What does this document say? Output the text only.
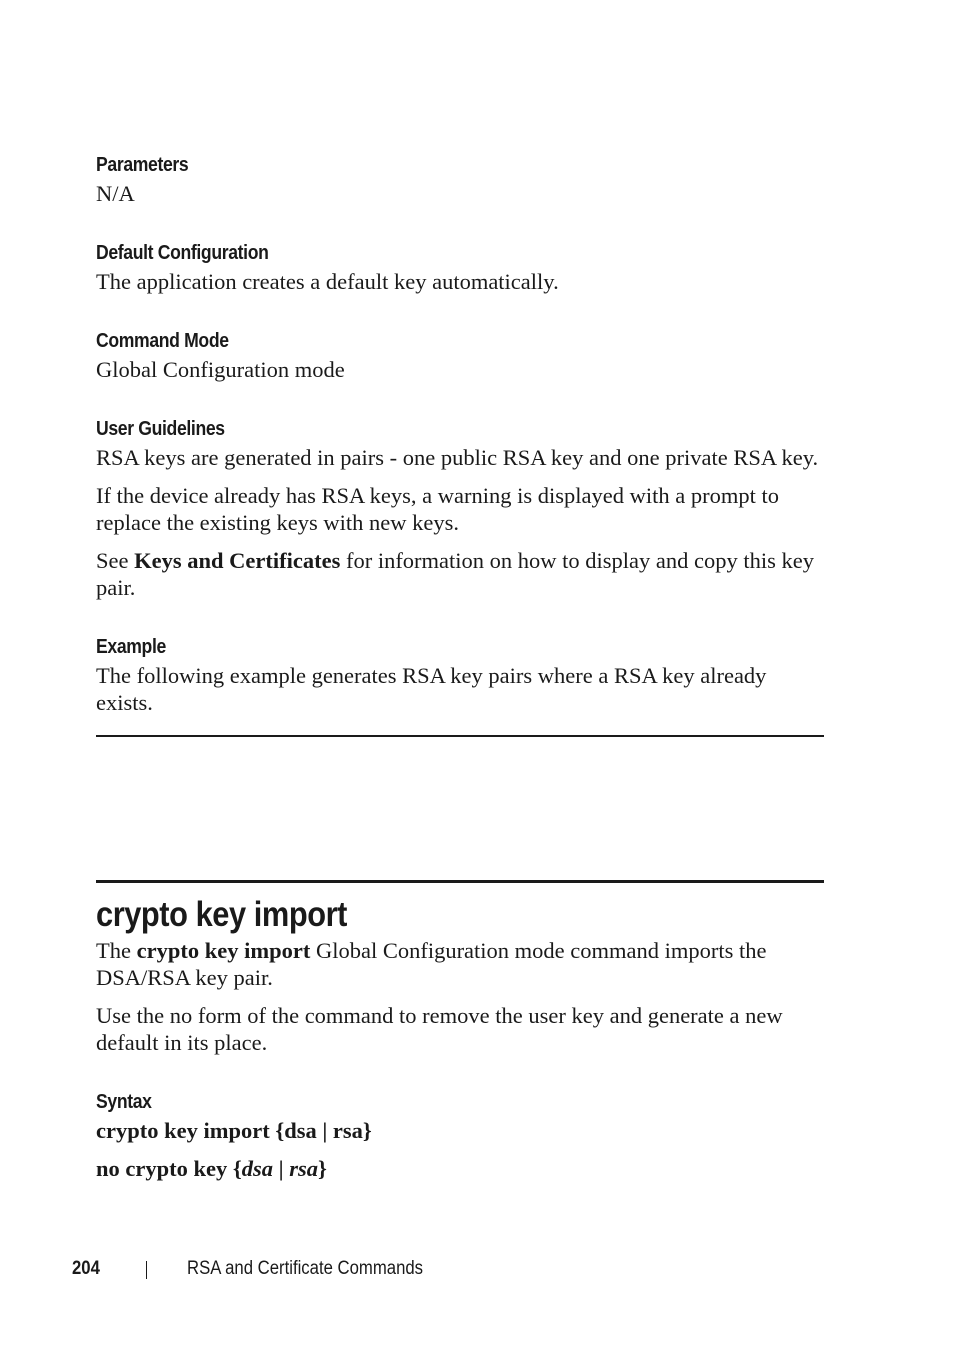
Parameters

N/A

Default Configuration

The application creates a default key automatically.

Command Mode

Global Configuration mode

User Guidelines

RSA keys are generated in pairs - one public RSA key and one private RSA key.

If the device already has RSA keys, a warning is displayed with a prompt to

replace the existing keys with new keys.

See Keys and Certificates for information on how to display and copy this key

pair.

Example

The following example generates RSA key pairs where a RSA key already

exists.

crypto key import

The crypto key import Global Configuration mode command imports the

DSA/RSA key pair.

Use the no form of the command to remove the user key and generate a new

default in its place.

Syntax

crypto key import {dsa | rsa}

no crypto key {dsa | rsa}

204	RSA and Certificate Commands
